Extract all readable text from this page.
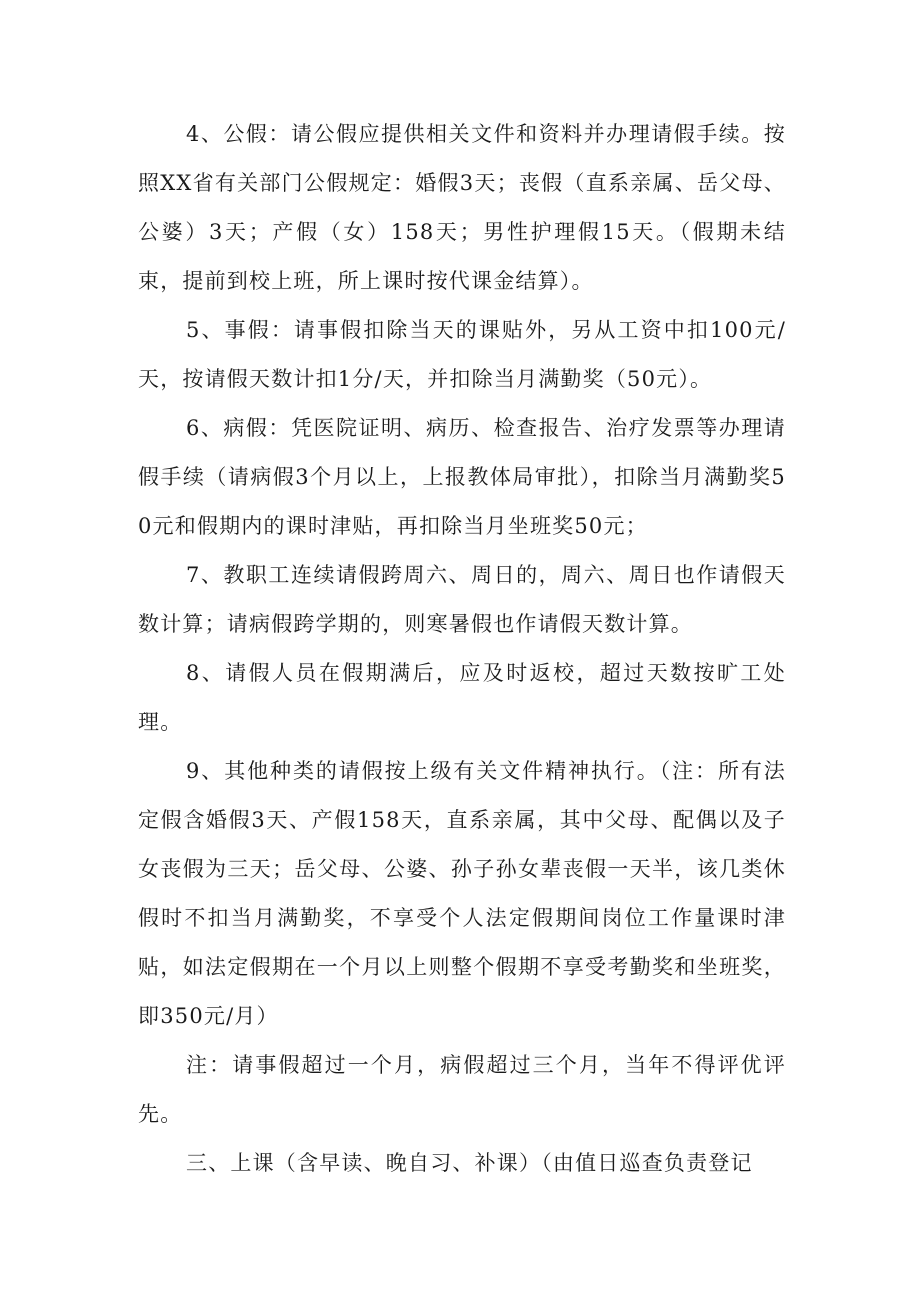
4、公假：请公假应提供相关文件和资料并办理请假手续。按照XX省有关部门公假规定：婚假3天；丧假（直系亲属、岳父母、公婆）3天；产假（女）158天；男性护理假15天。（假期未结束，提前到校上班，所上课时按代课金结算）。

5、事假：请事假扣除当天的课贴外，另从工资中扣100元/天，按请假天数计扣1分/天，并扣除当月满勤奖（50元）。

6、病假：凭医院证明、病历、检查报告、治疗发票等办理请假手续（请病假3个月以上，上报教体局审批），扣除当月满勤奖50元和假期内的课时津贴，再扣除当月坐班奖50元；

7、教职工连续请假跨周六、周日的，周六、周日也作请假天数计算；请病假跨学期的，则寒暑假也作请假天数计算。

8、请假人员在假期满后，应及时返校，超过天数按旷工处理。

9、其他种类的请假按上级有关文件精神执行。（注：所有法定假含婚假3天、产假158天，直系亲属，其中父母、配偶以及子女丧假为三天；岳父母、公婆、孙子孙女辈丧假一天半，该几类休假时不扣当月满勤奖，不享受个人法定假期间岗位工作量课时津贴，如法定假期在一个月以上则整个假期不享受考勤奖和坐班奖，即350元/月）

注：请事假超过一个月，病假超过三个月，当年不得评优评先。

三、上课（含早读、晚自习、补课）（由值日巡查负责登记
